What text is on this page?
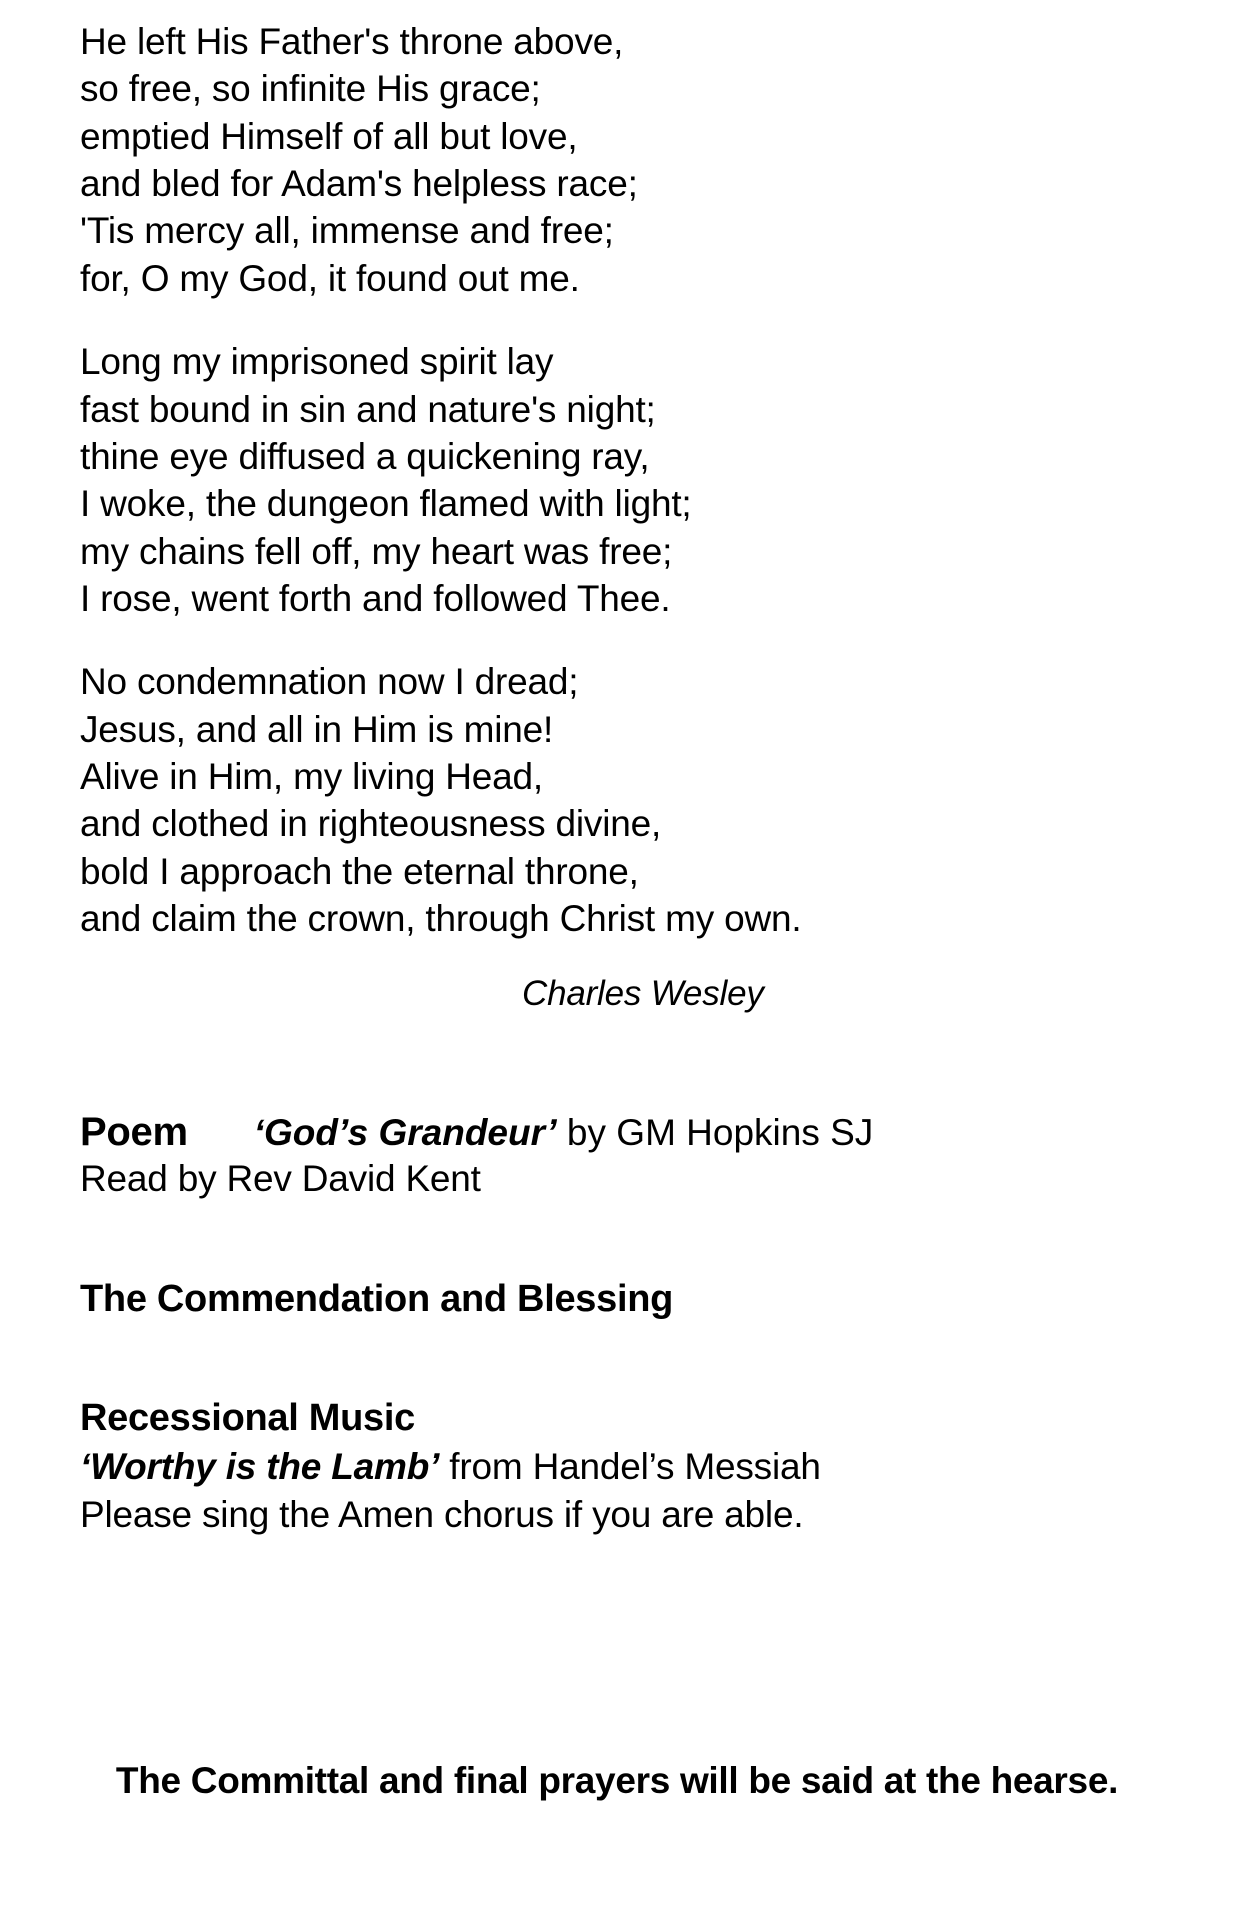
He left His Father's throne above,
so free, so infinite His grace;
emptied Himself of all but love,
and bled for Adam's helpless race;
'Tis mercy all, immense and free;
for, O my God, it found out me.
Long my imprisoned spirit lay
fast bound in sin and nature's night;
thine eye diffused a quickening ray,
I woke, the dungeon flamed with light;
my chains fell off, my heart was free;
I rose, went forth and followed Thee.
No condemnation now I dread;
Jesus, and all in Him is mine!
Alive in Him, my living Head,
and clothed in righteousness divine,
bold I approach the eternal throne,
and claim the crown, through Christ my own.
Charles Wesley
Poem ‘God’s Grandeur’ by GM Hopkins SJ
Read by Rev David Kent
The Commendation and Blessing
Recessional Music
‘Worthy is the Lamb’ from Handel’s Messiah
Please sing the Amen chorus if you are able.
The Committal and final prayers will be said at the hearse.
